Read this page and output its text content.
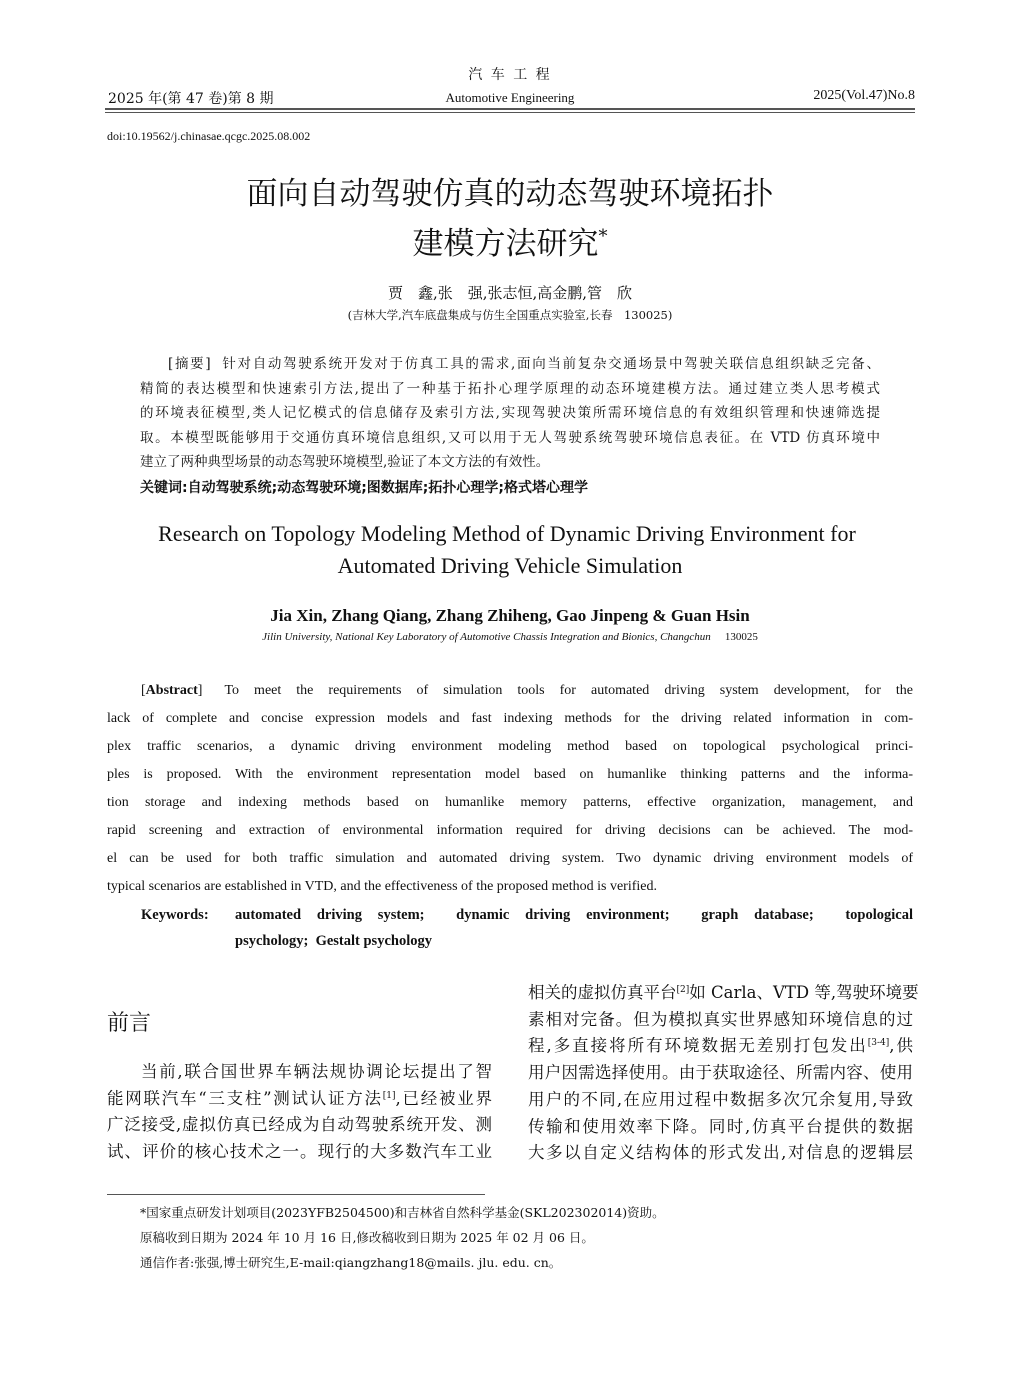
汽 车 工 程
2025 年(第 47 卷)第 8 期	Automotive Engineering	2025(Vol.47)No.8
doi:10.19562/j.chinasae.qcgc.2025.08.002
面向自动驾驶仿真的动态驾驶环境拓扑
建模方法研究*
贾　鑫,张　强,张志恒,高金鹏,管　欣
(吉林大学,汽车底盘集成与仿生全国重点实验室,长春　130025)
[摘要] 针对自动驾驶系统开发对于仿真工具的需求,面向当前复杂交通场景中驾驶关联信息组织缺乏完备、
精简的表达模型和快速索引方法,提出了一种基于拓扑心理学原理的动态环境建模方法。通过建立类人思考模式
的环境表征模型,类人记忆模式的信息储存及索引方法,实现驾驶决策所需环境信息的有效组织管理和快速筛选提
取。本模型既能够用于交通仿真环境信息组织,又可以用于无人驾驶系统驾驶环境信息表征。在 VTD 仿真环境中
建立了两种典型场景的动态驾驶环境模型,验证了本文方法的有效性。
关键词:自动驾驶系统;动态驾驶环境;图数据库;拓扑心理学;格式塔心理学
Research on Topology Modeling Method of Dynamic Driving Environment for
Automated Driving Vehicle Simulation
Jia Xin, Zhang Qiang, Zhang Zhiheng, Gao Jinpeng & Guan Hsin
Jilin University, National Key Laboratory of Automotive Chassis Integration and Bionics, Changchun 130025
[Abstract] To meet the requirements of simulation tools for automated driving system development, for the
lack of complete and concise expression models and fast indexing methods for the driving related information in com-
plex traffic scenarios, a dynamic driving environment modeling method based on topological psychological princi-
ples is proposed. With the environment representation model based on humanlike thinking patterns and the informa-
tion storage and indexing methods based on humanlike memory patterns, effective organization, management, and
rapid screening and extraction of environmental information required for driving decisions can be achieved. The mod-
el can be used for both traffic simulation and automated driving system. Two dynamic driving environment models of
typical scenarios are established in VTD, and the effectiveness of the proposed method is verified.
Keywords:	automated driving system;  dynamic driving environment;  graph database;  topological
psychology;  Gestalt psychology
前言
当前,联合国世界车辆法规协调论坛提出了智
能网联汽车“三支柱”测试认证方法[1],已经被业界
广泛接受,虚拟仿真已经成为自动驾驶系统开发、测
试、评价的核心技术之一。现行的大多数汽车工业
相关的虚拟仿真平台[2]如 Carla、VTD 等,驾驶环境要
素相对完备。但为模拟真实世界感知环境信息的过
程,多直接将所有环境数据无差别打包发出[3-4],供
用户因需选择使用。由于获取途径、所需内容、使用
用户的不同,在应用过程中数据多次冗余复用,导致
传输和使用效率下降。同时,仿真平台提供的数据
大多以自定义结构体的形式发出,对信息的逻辑层
*国家重点研发计划项目(2023YFB2504500)和吉林省自然科学基金(SKL202302014)资助。
原稿收到日期为 2024 年 10 月 16 日,修改稿收到日期为 2025 年 02 月 06 日。
通信作者:张强,博士研究生,E-mail:qiangzhang18@mails. jlu. edu. cn。
